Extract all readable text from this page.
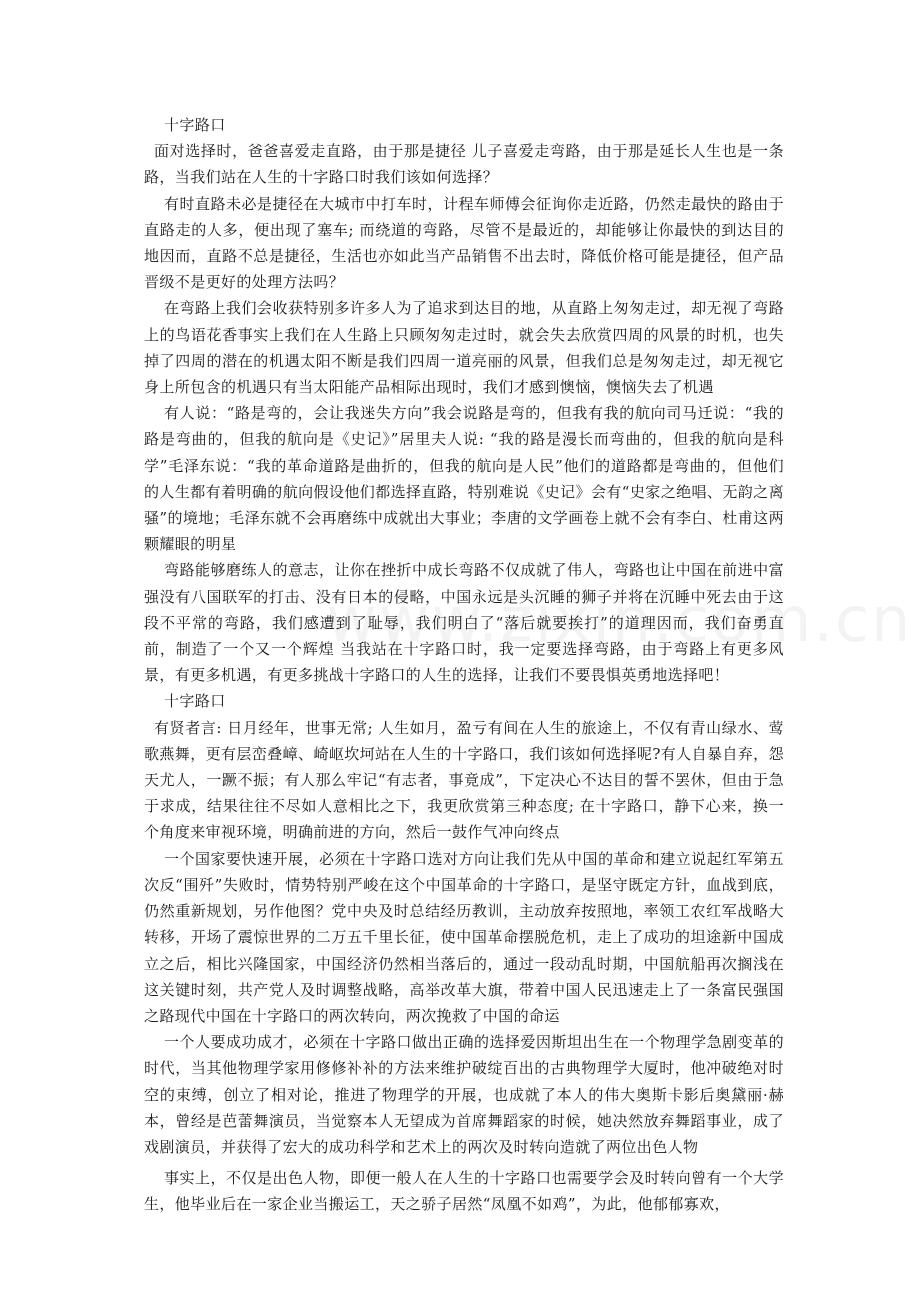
十字路口

面对选择时，爸爸喜爱走直路，由于那是捷径 儿子喜爱走弯路，由于那是延长人生也是一条路，当我们站在人生的十字路口时我们该如何选择？

有时直路未必是捷径在大城市中打车时，计程车师傅会征询你走近路，仍然走最快的路由于直路走的人多，便出现了塞车; 而绕道的弯路，尽管不是最近的，却能够让你最快的到达目的地因而，直路不总是捷径，生活也亦如此当产品销售不出去时，降低价格可能是捷径，但产品晋级不是更好的处理方法吗？

在弯路上我们会收获特别多许多人为了追求到达目的地，从直路上匆匆走过，却无视了弯路上的鸟语花香事实上我们在人生路上只顾匆匆走过时，就会失去欣赏四周的风景的时机，也失掉了四周的潜在的机遇太阳不断是我们四周一道亮丽的风景，但我们总是匆匆走过，却无视它身上所包含的机遇只有当太阳能产品相际出现时，我们才感到懊恼，懊恼失去了机遇

有人说：“路是弯的，会让我迷失方向”我会说路是弯的，但我有我的航向司马迁说：“我的路是弯曲的，但我的航向是《史记》”居里夫人说: “我的路是漫长而弯曲的，但我的航向是科学”毛泽东说：“我的革命道路是曲折的，但我的航向是人民”他们的道路都是弯曲的，但他们的人生都有着明确的航向假设他们都选择直路，特别难说《史记》会有“史家之绝唱、无韵之离骚”的境地；毛泽东就不会再磨练中成就出大事业；李唐的文学画卷上就不会有李白、杜甫这两颗耀眼的明星

弯路能够磨练人的意志，让你在挫折中成长弯路不仅成就了伟人，弯路也让中国在前进中富强没有八国联军的打击、没有日本的侵略，中国永远是头沉睡的狮子并将在沉睡中死去由于这段不平常的弯路，我们感遭到了耻辱，我们明白了“落后就要挨打”的道理因而，我们奋勇直前，制造了一个又一个辉煌 当我站在十字路口时，我一定要选择弯路，由于弯路上有更多风景，有更多机遇，有更多挑战十字路口的人生的选择，让我们不要畏惧英勇地选择吧！

十字路口

有贤者言: 日月经年，世事无常; 人生如月，盈亏有间在人生的旅途上，不仅有青山绿水、莺歌燕舞，更有层峦叠嶂、崎岖坎坷站在人生的十字路口，我们该如何选择呢?有人自暴自弃，怨天尤人，一蹶不振；有人那么牢记“有志者，事竟成”，下定决心不达目的誓不罢休，但由于急于求成，结果往往不尽如人意相比之下，我更欣赏第三种态度; 在十字路口，静下心来，换一个角度来审视环境，明确前进的方向，然后一鼓作气冲向终点

一个国家要快速开展，必须在十字路口选对方向让我们先从中国的革命和建立说起红军第五次反“围歼”失败时，情势特别严峻在这个中国革命的十字路口，是坚守既定方针，血战到底，仍然重新规划，另作他图？党中央及时总结经历教训，主动放弃按照地，率领工农红军战略大转移，开场了震惊世界的二万五千里长征，使中国革命摆脱危机，走上了成功的坦途新中国成立之后，相比兴隆国家，中国经济仍然相当落后的，通过一段动乱时期，中国航船再次搁浅在这关键时刻，共产党人及时调整战略，高举改革大旗，带着中国人民迅速走上了一条富民强国之路现代中国在十字路口的两次转向，两次挽救了中国的命运

一个人要成功成才，必须在十字路口做出正确的选择爱因斯坦出生在一个物理学急剧变革的时代，当其他物理学家用修修补补的方法来维护破绽百出的古典物理学大厦时，他冲破绝对时空的束缚，创立了相对论，推进了物理学的开展，也成就了本人的伟大奥斯卡影后奥黛丽·赫本，曾经是芭蕾舞演员，当觉察本人无望成为首席舞蹈家的时候，她决然放弃舞蹈事业，成了戏剧演员，并获得了宏大的成功科学和艺术上的两次及时转向造就了两位出色人物

事实上，不仅是出色人物，即便一般人在人生的十字路口也需要学会及时转向曾有一个大学生，他毕业后在一家企业当搬运工，天之骄子居然“凤凰不如鸡”，为此，他郁郁寡欢，
